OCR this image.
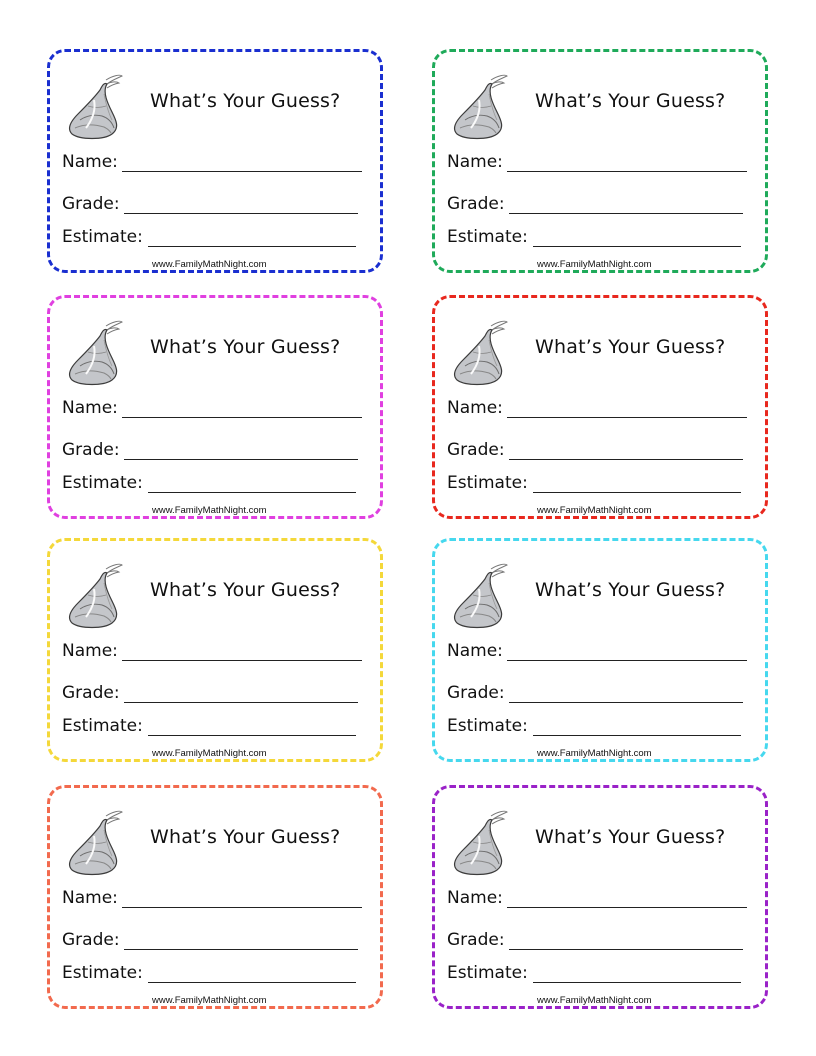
What’s Your Guess?
Name:
Grade:
Estimate:
www.FamilyMathNight.com
What’s Your Guess?
Name:
Grade:
Estimate:
www.FamilyMathNight.com
What’s Your Guess?
Name:
Grade:
Estimate:
www.FamilyMathNight.com
What’s Your Guess?
Name:
Grade:
Estimate:
www.FamilyMathNight.com
What’s Your Guess?
Name:
Grade:
Estimate:
www.FamilyMathNight.com
What’s Your Guess?
Name:
Grade:
Estimate:
www.FamilyMathNight.com
What’s Your Guess?
Name:
Grade:
Estimate:
www.FamilyMathNight.com
What’s Your Guess?
Name:
Grade:
Estimate:
www.FamilyMathNight.com
